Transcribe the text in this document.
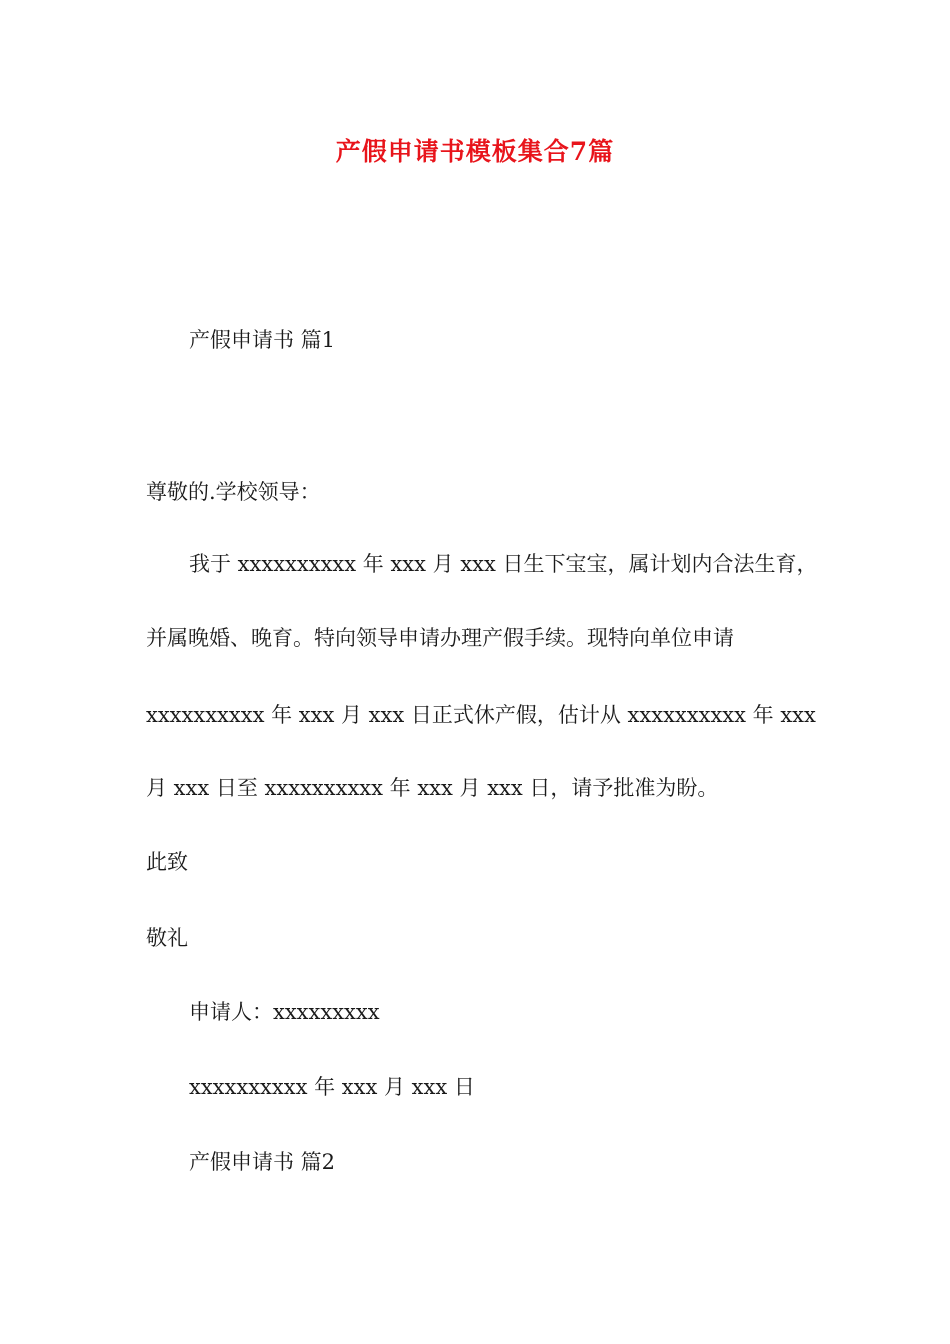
产假申请书模板集合7篇
产假申请书 篇1
尊敬的.学校领导：
我于 xxxxxxxxxx 年 xxx 月 xxx 日生下宝宝，属计划内合法生育，
并属晚婚、晚育。特向领导申请办理产假手续。现特向单位申请
xxxxxxxxxx 年 xxx 月 xxx 日正式休产假，估计从 xxxxxxxxxx 年 xxx
月 xxx 日至 xxxxxxxxxx 年 xxx 月 xxx 日，请予批准为盼。
此致
敬礼
申请人：xxxxxxxxx
xxxxxxxxxx 年 xxx 月 xxx 日
产假申请书 篇2
